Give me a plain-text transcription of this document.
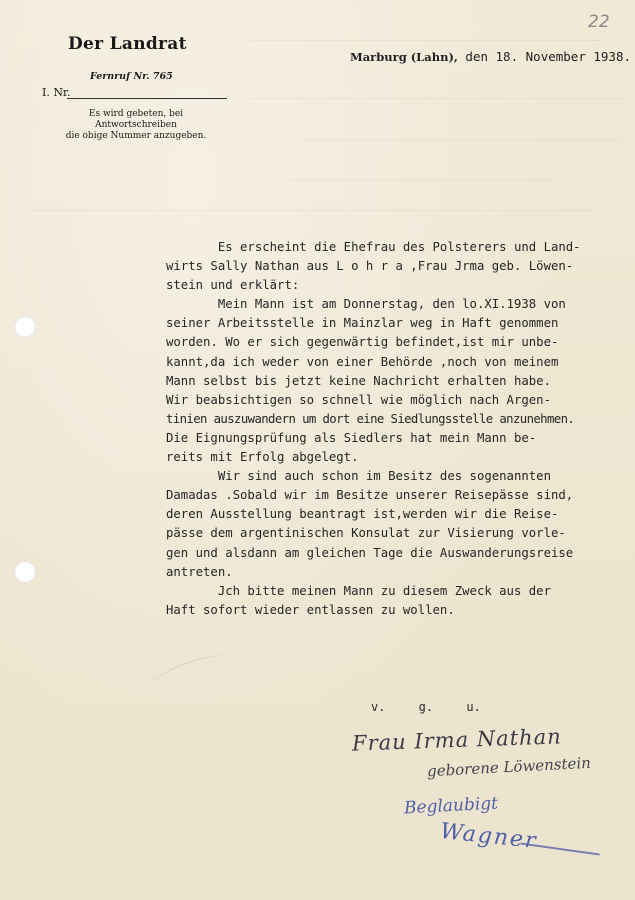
22
Der Landrat
Fernruf Nr. 765
I. Nr.
Es wird gebeten, bei Antwortschreiben
die obige Nummer anzugeben.
Marburg (Lahn), den 18. November 1938.
Es erscheint die Ehefrau des Polsterers und Land-
wirts Sally Nathan aus L o h r a ,Frau Jrma geb. Löwen-
stein und erklärt:
Mein Mann ist am Donnerstag, den lo.XI.1938 von
seiner Arbeitsstelle in Mainzlar weg in Haft genommen
worden. Wo er sich gegenwärtig befindet,ist mir unbe-
kannt,da ich weder von einer Behörde ,noch von meinem
Mann selbst bis jetzt keine Nachricht erhalten habe.
Wir beabsichtigen so schnell wie möglich nach Argen-
tinien auszuwandern um dort eine Siedlungsstelle anzunehmen.
Die Eignungsprüfung als Siedlers hat mein Mann be-
reits mit Erfolg abgelegt.
Wir sind auch schon im Besitz des sogenannten
Damadas .Sobald wir im Besitze unserer Reisepässe sind,
deren Ausstellung beantragt ist,werden wir die Reise-
pässe dem argentinischen Konsulat zur Visierung vorle-
gen und alsdann am gleichen Tage die Auswanderungsreise
antreten.
Jch bitte meinen Mann zu diesem Zweck aus der
Haft sofort wieder entlassen zu wollen.
v. g. u.
Frau Irma Nathan
geborene Löwenstein
Beglaubigt
Wagner
